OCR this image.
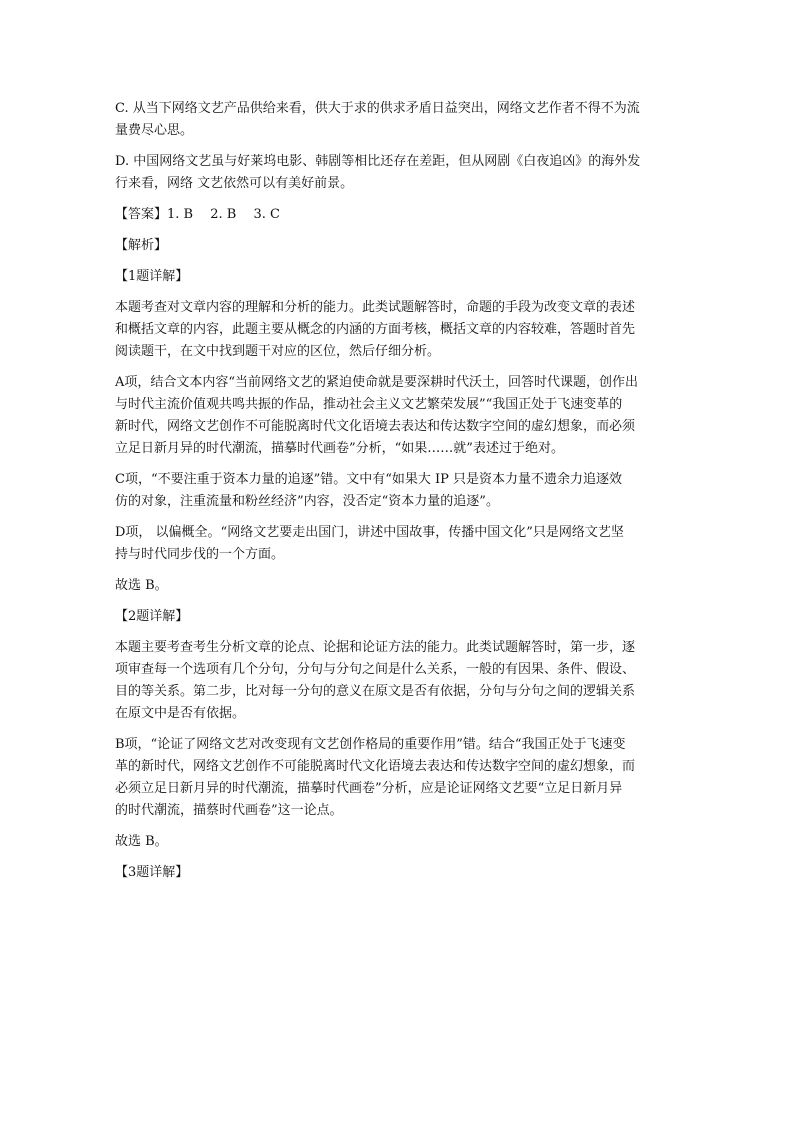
C. 从当下网络文艺产品供给来看，供大于求的供求矛盾日益突出，网络文艺作者不得不为流
量费尽心思。
D. 中国网络文艺虽与好莱坞电影、韩剧等相比还存在差距，但从网剧《白夜追凶》的海外发
行来看，网络 文艺依然可以有美好前景。
【答案】1. B　 2. B　 3. C
【解析】
【1题详解】
本题考查对文章内容的理解和分析的能力。此类试题解答时，命题的手段为改变文章的表述
和概括文章的内容，此题主要从概念的内涵的方面考核，概括文章的内容较难，答题时首先
阅读题干，在文中找到题干对应的区位，然后仔细分析。
A项，结合文本内容“当前网络文艺的紧迫使命就是要深耕时代沃土，回答时代课题，创作出
与时代主流价值观共鸣共振的作品，推动社会主义文艺繁荣发展”“我国正处于飞速变革的
新时代，网络文艺创作不可能脱离时代文化语境去表达和传达数字空间的虚幻想象，而必须
立足日新月异的时代潮流，描摹时代画卷”分析，“如果……就”表述过于绝对。
C项，“不要注重于资本力量的追逐”错。文中有“如果大 IP 只是资本力量不遗余力追逐效
仿的对象，注重流量和粉丝经济”内容，没否定“资本力量的追逐”。
D项， 以偏概全。“网络文艺要走出国门，讲述中国故事，传播中国文化”只是网络文艺坚
持与时代同步伐的一个方面。
故选 B。
【2题详解】
本题主要考查考生分析文章的论点、论据和论证方法的能力。此类试题解答时，第一步，逐
项审查每一个选项有几个分句，分句与分句之间是什么关系，一般的有因果、条件、假设、
目的等关系。第二步，比对每一分句的意义在原文是否有依据，分句与分句之间的逻辑关系
在原文中是否有依据。
B项，“论证了网络文艺对改变现有文艺创作格局的重要作用”错。结合“我国正处于飞速变
革的新时代，网络文艺创作不可能脱离时代文化语境去表达和传达数字空间的虚幻想象，而
必须立足日新月异的时代潮流，描摹时代画卷”分析，应是论证网络文艺要“立足日新月异
的时代潮流，描蔡时代画卷”这一论点。
故选 B。
【3题详解】
